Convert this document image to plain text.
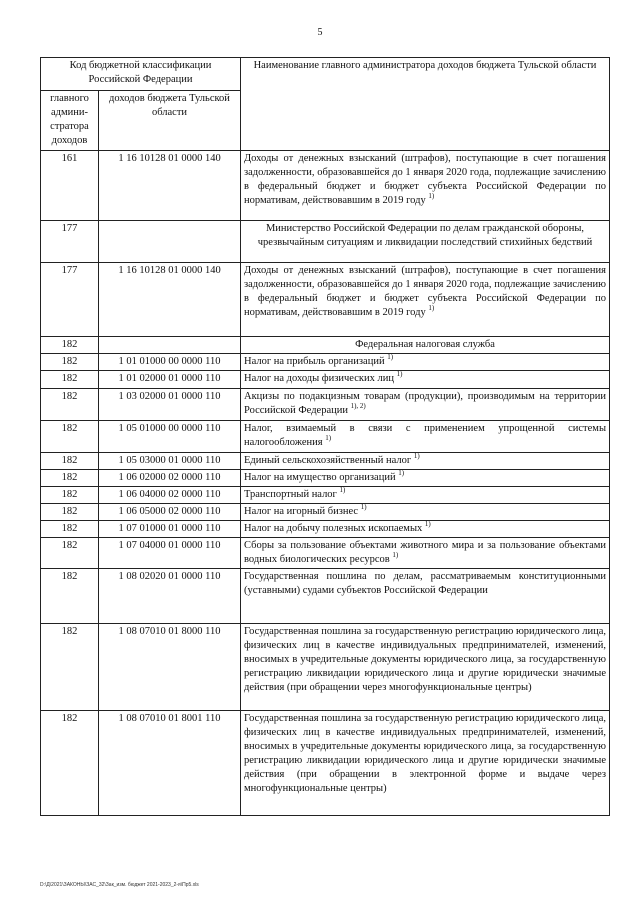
5
Код бюджетной классификации Российской Федерации		Наименование главного администратора доходов бюджета Тульской области
главного админи-стратора доходов	доходов бюджета Тульской области	
161	1 16 10128 01 0000 140	Доходы от денежных взысканий (штрафов), поступающие в счет погашения задолженности, образовавшейся до 1 января 2020 года, подлежащие зачислению в федеральный бюджет и бюджет субъекта Российской Федерации по нормативам, действовавшим в 2019 году $^{1)}$
177		Министерство Российской Федерации по делам гражданской обороны, чрезвычайным ситуациям и ликвидации последствий стихийных бедствий
177	1 16 10128 01 0000 140	Доходы от денежных взысканий (штрафов), поступающие в счет погашения задолженности, образовавшейся до 1 января 2020 года, подлежащие зачислению в федеральный бюджет и бюджет субъекта Российской Федерации по нормативам, действовавшим в 2019 году $^{1)}$
182		Федеральная налоговая служба
182	1 01 01000 00 0000 110	Налог на прибыль организаций $^{1)}$
182	1 01 02000 01 0000 110	Налог на доходы физических лиц $^{1)}$
182	1 03 02000 01 0000 110	Акцизы по подакцизным товарам (продукции), производимым на территории Российской Федерации $^{1), 2)}$
182	1 05 01000 00 0000 110	Налог, взимаемый в связи с применением упрощенной системы налогообложения $^{1)}$
182	1 05 03000 01 0000 110	Единый сельскохозяйственный налог $^{1)}$
182	1 06 02000 02 0000 110	Налог на имущество организаций $^{1)}$
182	1 06 04000 02 0000 110	Транспортный налог $^{1)}$
182	1 06 05000 02 0000 110	Налог на игорный бизнес $^{1)}$
182	1 07 01000 01 0000 110	Налог на добычу полезных ископаемых $^{1)}$
182	1 07 04000 01 0000 110	Сборы за пользование объектами животного мира и за пользование объектами водных биологических ресурсов $^{1)}$
182	1 08 02020 01 0000 110	Государственная пошлина по делам, рассматриваемым конституционными (уставными) судами субъектов Российской Федерации
182	1 08 07010 01 8000 110	Государственная пошлина за государственную регистрацию юридического лица, физических лиц в качестве индивидуальных предпринимателей, изменений, вносимых в учредительные документы юридического лица, за государственную регистрацию ликвидации юридического лица и другие юридически значимые действия (при обращении через многофункциональные центры)
182	1 08 07010 01 8001 110	Государственная пошлина за государственную регистрацию юридического лица, физических лиц в качестве индивидуальных предпринимателей, изменений, вносимых в учредительные документы юридического лица, за государственную регистрацию ликвидации юридического лица и другие юридически значимые действия (при обращении в электронной форме и выдаче через многофункциональные центры)
D:\Д\2021\ЗАКОНЫ\ЗАС_32\Зак_изм. бюджет 2021-2023_2-я\Пр5.xls
